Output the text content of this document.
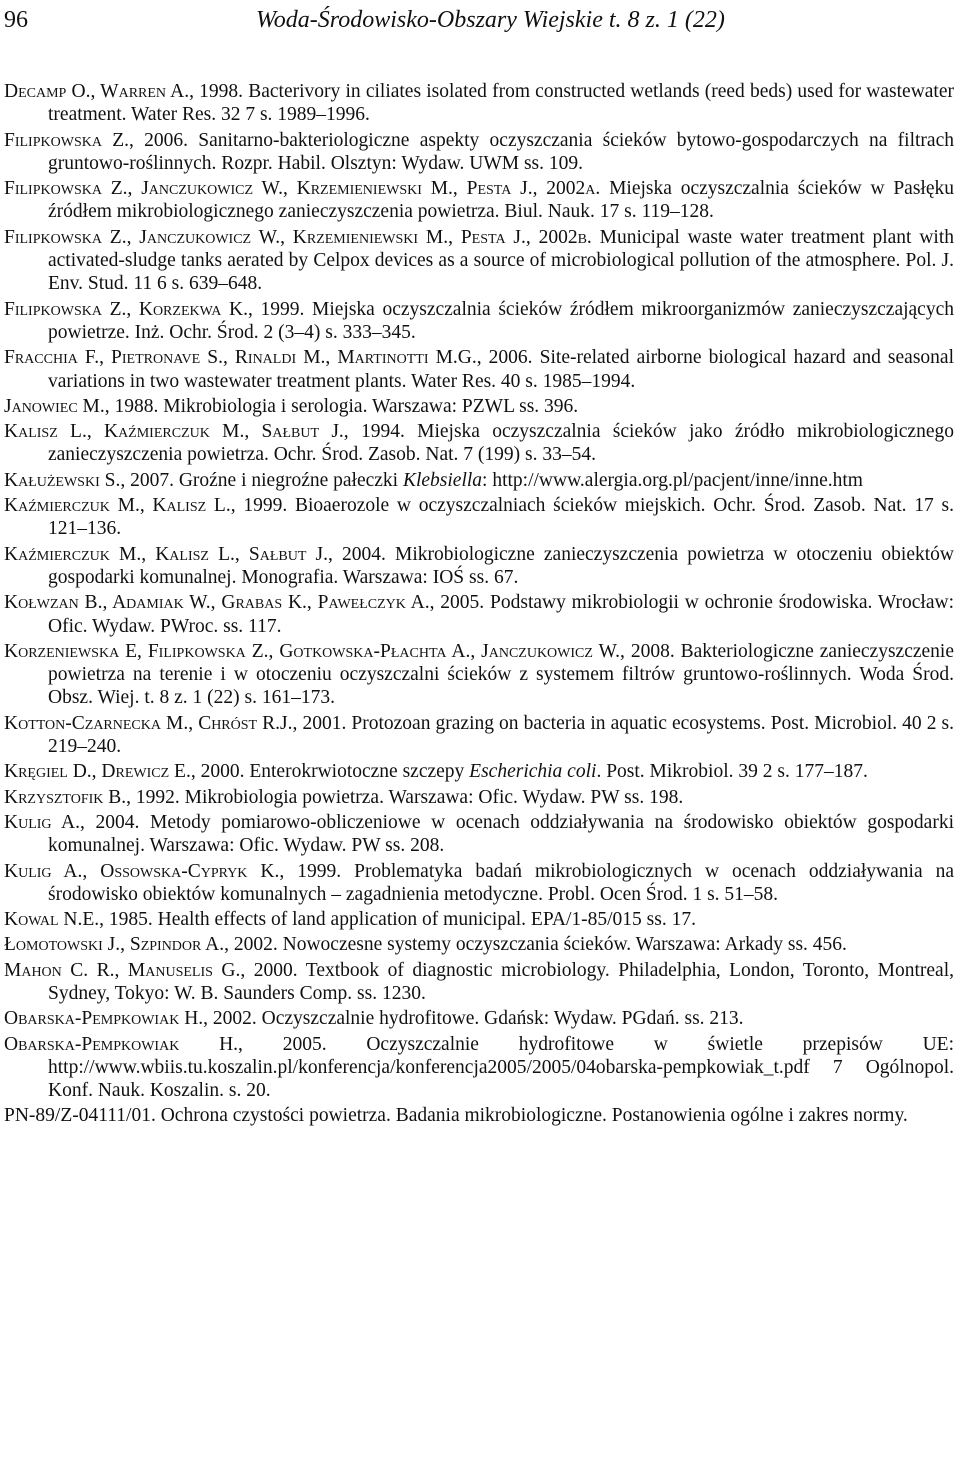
96	Woda-Środowisko-Obszary Wiejskie t. 8 z. 1 (22)

Decamp O., Warren A., 1998. Bacterivory in ciliates isolated from constructed wetlands (reed beds) used for wastewater treatment. Water Res. 32 7 s. 1989–1996.

Filipkowska Z., 2006. Sanitarno-bakteriologiczne aspekty oczyszczania ścieków bytowo-gospodarczych na filtrach gruntowo-roślinnych. Rozpr. Habil. Olsztyn: Wydaw. UWM ss. 109.

Filipkowska Z., Janczukowicz W., Krzemieniewski M., Pesta J., 2002a. Miejska oczyszczalnia ścieków w Pasłęku źródłem mikrobiologicznego zanieczyszczenia powietrza. Biul. Nauk. 17 s. 119–128.

Filipkowska Z., Janczukowicz W., Krzemieniewski M., Pesta J., 2002b. Municipal waste water treatment plant with activated-sludge tanks aerated by Celpox devices as a source of microbiological pollution of the atmosphere. Pol. J. Env. Stud. 11 6 s. 639–648.

Filipkowska Z., Korzekwa K., 1999. Miejska oczyszczalnia ścieków źródłem mikroorganizmów zanieczyszczających powietrze. Inż. Ochr. Środ. 2 (3–4) s. 333–345.

Fracchia F., Pietronave S., Rinaldi M., Martinotti M.G., 2006. Site-related airborne biological hazard and seasonal variations in two wastewater treatment plants. Water Res. 40 s. 1985–1994.

Janowiec M., 1988. Mikrobiologia i serologia. Warszawa: PZWL ss. 396.

Kalisz L., Kaźmierczuk M., Sałbut J., 1994. Miejska oczyszczalnia ścieków jako źródło mikrobiologicznego zanieczyszczenia powietrza. Ochr. Środ. Zasob. Nat. 7 (199) s. 33–54.

Kałużewski S., 2007. Groźne i niegroźne pałeczki Klebsiella: http://www.alergia.org.pl/pacjent/inne/inne.htm

Kaźmierczuk M., Kalisz L., 1999. Bioaerozole w oczyszczalniach ścieków miejskich. Ochr. Środ. Zasob. Nat. 17 s. 121–136.

Kaźmierczuk M., Kalisz L., Sałbut J., 2004. Mikrobiologiczne zanieczyszczenia powietrza w otoczeniu obiektów gospodarki komunalnej. Monografia. Warszawa: IOŚ ss. 67.

Kołwzan B., Adamiak W., Grabas K., Pawełczyk A., 2005. Podstawy mikrobiologii w ochronie środowiska. Wrocław: Ofic. Wydaw. PWroc. ss. 117.

Korzeniewska E, Filipkowska Z., Gotkowska-Płachta A., Janczukowicz W., 2008. Bakteriologiczne zanieczyszczenie powietrza na terenie i w otoczeniu oczyszczalni ścieków z systemem filtrów gruntowo-roślinnych. Woda Środ. Obsz. Wiej. t. 8 z. 1 (22) s. 161–173.

Kotton-Czarnecka M., Chróst R.J., 2001. Protozoan grazing on bacteria in aquatic ecosystems. Post. Microbiol. 40 2 s. 219–240.

Kręgiel D., Drewicz E., 2000. Enterokrwiotoczne szczepy Escherichia coli. Post. Mikrobiol. 39 2 s. 177–187.

Krzysztofik B., 1992. Mikrobiologia powietrza. Warszawa: Ofic. Wydaw. PW ss. 198.

Kulig A., 2004. Metody pomiarowo-obliczeniowe w ocenach oddziaływania na środowisko obiektów gospodarki komunalnej. Warszawa: Ofic. Wydaw. PW ss. 208.

Kulig A., Ossowska-Cypryk K., 1999. Problematyka badań mikrobiologicznych w ocenach oddziaływania na środowisko obiektów komunalnych – zagadnienia metodyczne. Probl. Ocen Środ. 1 s. 51–58.

Kowal N.E., 1985. Health effects of land application of municipal. EPA/1-85/015 ss. 17.

Łomotowski J., Szpindor A., 2002. Nowoczesne systemy oczyszczania ścieków. Warszawa: Arkady ss. 456.

Mahon C. R., Manuselis G., 2000. Textbook of diagnostic microbiology. Philadelphia, London, Toronto, Montreal, Sydney, Tokyo: W. B. Saunders Comp. ss. 1230.

Obarska-Pempkowiak H., 2002. Oczyszczalnie hydrofitowe. Gdańsk: Wydaw. PGdań. ss. 213.

Obarska-Pempkowiak H., 2005. Oczyszczalnie hydrofitowe w świetle przepisów UE: http://www.wbiis.tu.koszalin.pl/konferencja/konferencja2005/2005/04obarska-pempkowiak_t.pdf 7 Ogólnopol. Konf. Nauk. Koszalin. s. 20.

PN-89/Z-04111/01. Ochrona czystości powietrza. Badania mikrobiologiczne. Postanowienia ogólne i zakres normy.
